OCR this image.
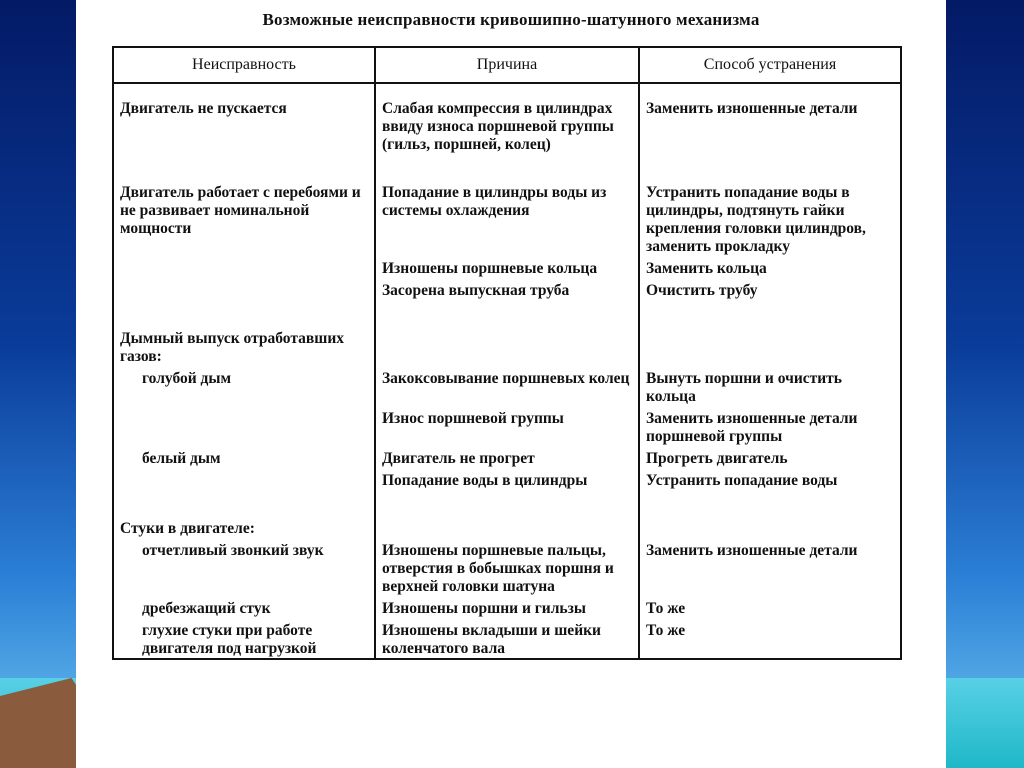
Возможные неисправности кривошипно-шатунного механизма
Неисправность	Причина	Способ устранения
Двигатель не пускается	Слабая компрессия в цилиндрах ввиду износа поршневой группы (гильз, поршней, колец)	Заменить изношенные детали
Двигатель работает с перебоями и не развивает номинальной мощности	Попадание в цилиндры воды из системы охлаждения	Устранить попадание воды в цилиндры, подтянуть гайки крепления головки цилиндров, заменить прокладку
	Изношены поршневые кольца	Заменить кольца
	Засорена выпускная труба	Очистить трубу
Дымный выпуск отработавших газов:		
голубой дым	Закоксовывание поршневых колец	Вынуть поршни и очистить кольца
	Износ поршневой группы	Заменить изношенные детали поршневой группы
белый дым	Двигатель не прогрет	Прогреть двигатель
	Попадание воды в цилиндры	Устранить попадание воды
Стуки в двигателе:		
отчетливый звонкий звук	Изношены поршневые пальцы, отверстия в бобышках поршня и верхней головки шатуна	Заменить изношенные детали
дребезжащий стук	Изношены поршни и гильзы	То же
глухие стуки при работе двигателя под нагрузкой	Изношены вкладыши и шейки коленчатого вала	То же
